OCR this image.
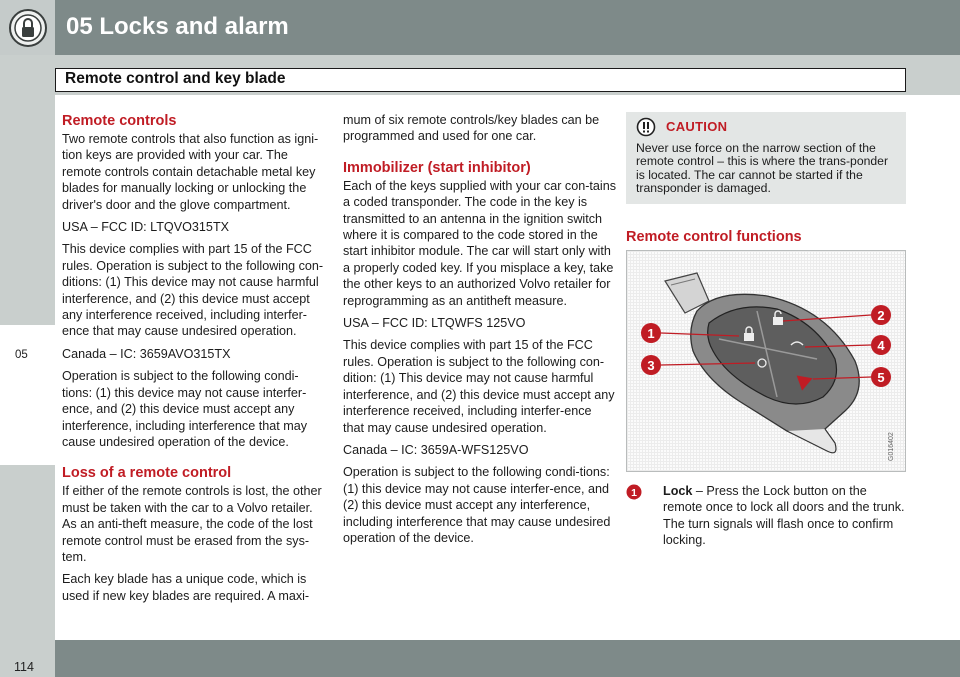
05 Locks and alarm
Remote control and key blade
05
Remote controls

Two remote controls that also function as igni-tion keys are provided with your car. The remote controls contain detachable metal key blades for manually locking or unlocking the driver's door and the glove compartment.

USA – FCC ID: LTQVO315TX

This device complies with part 15 of the FCC rules. Operation is subject to the following con-ditions: (1) This device may not cause harmful interference, and (2) this device must accept any interference received, including interfer-ence that may cause undesired operation.

Canada – IC: 3659AVO315TX

Operation is subject to the following condi-tions: (1) this device may not cause interfer-ence, and (2) this device must accept any interference, including interference that may cause undesired operation of the device.

Loss of a remote control

If either of the remote controls is lost, the other must be taken with the car to a Volvo retailer. As an anti-theft measure, the code of the lost remote control must be erased from the sys-tem.

Each key blade has a unique code, which is used if new key blades are required. A maxi-

mum of six remote controls/key blades can be programmed and used for one car.

Immobilizer (start inhibitor)

Each of the keys supplied with your car con-tains a coded transponder. The code in the key is transmitted to an antenna in the ignition switch where it is compared to the code stored in the start inhibitor module. The car will start only with a properly coded key. If you misplace a key, take the other keys to an authorized Volvo retailer for reprogramming as an antitheft measure.

USA – FCC ID: LTQWFS 125VO

This device complies with part 15 of the FCC rules. Operation is subject to the following con-dition: (1) This device may not cause harmful interference, and (2) this device must accept any interference received, including interfer-ence that may cause undesired operation.

Canada – IC: 3659A-WFS125VO

Operation is subject to the following condi-tions: (1) this device may not cause interfer-ence, and (2) this device must accept any interference, including interference that may cause undesired operation of the device.

CAUTION
Never use force on the narrow section of the remote control – this is where the trans-ponder is located. The car cannot be started if the transponder is damaged.
Remote control functions
1
2
3
4
5
G016402
1 Lock – Press the Lock button on the remote once to lock all doors and the trunk. The turn signals will flash once to confirm locking.
114
